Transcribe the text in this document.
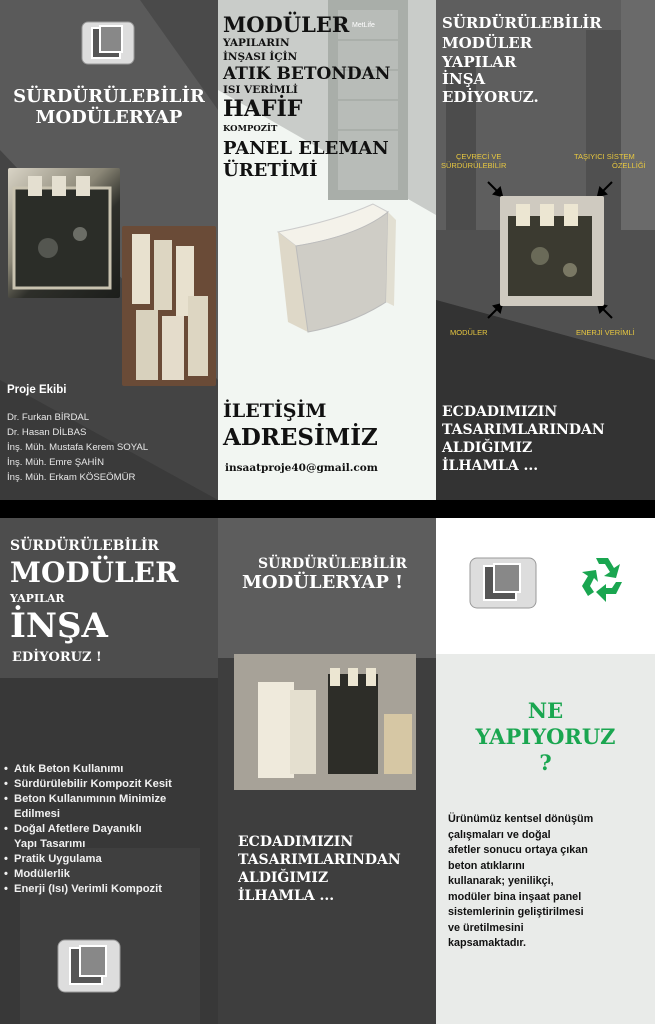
SÜRDÜRÜLEBİLİR
MODÜLERYAP
Proje Ekibi
Dr. Furkan BİRDAL
Dr. Hasan DİLBAS
İnş. Müh. Mustafa Kerem SOYAL
İnş. Müh. Emre ŞAHİN
İnş. Müh. Erkam KÖSEÖMÜR
MetLife
MODÜLER
YAPILARIN
İNŞASI İÇİN
ATIK BETONDAN
ISI VERİMLİ
HAFİF
KOMPOZİT
PANEL ELEMAN
ÜRETİMİ
İLETİŞİM
ADRESİMİZ
insaatproje40@gmail.com
SÜRDÜRÜLEBİLİR
MODÜLER
YAPILAR
İNŞA
EDİYORUZ.
ÇEVRECİ VE
SÜRDÜRÜLEBİLİR
TAŞIYICI SİSTEM
ÖZELLİĞİ
MODÜLER	ENERJİ VERİMLİ
ECDADIMIZIN
TASARIMLARINDAN
ALDIĞIMIZ
İLHAMLA ...
SÜRDÜRÜLEBİLİR
MODÜLER
YAPILAR
İNŞA
EDİYORUZ !
• Atık Beton Kullanımı
• Sürdürülebilir Kompozit Kesit
• Beton Kullanımının Minimize
Edilmesi
• Doğal Afetlere Dayanıklı
Yapı Tasarımı
• Pratik Uygulama
• Modülerlik
• Enerji (Isı) Verimli Kompozit
SÜRDÜRÜLEBİLİR
MODÜLERYAP !
ECDADIMIZIN
TASARIMLARINDAN
ALDIĞIMIZ
İLHAMLA ...
NE
YAPIYORUZ
?
Ürünümüz kentsel dönüşüm
çalışmaları ve doğal
afetler sonucu ortaya çıkan
beton atıklarını
kullanarak; yenilikçi,
modüler bina inşaat panel
sistemlerinin geliştirilmesi
ve üretilmesini
kapsamaktadır.
